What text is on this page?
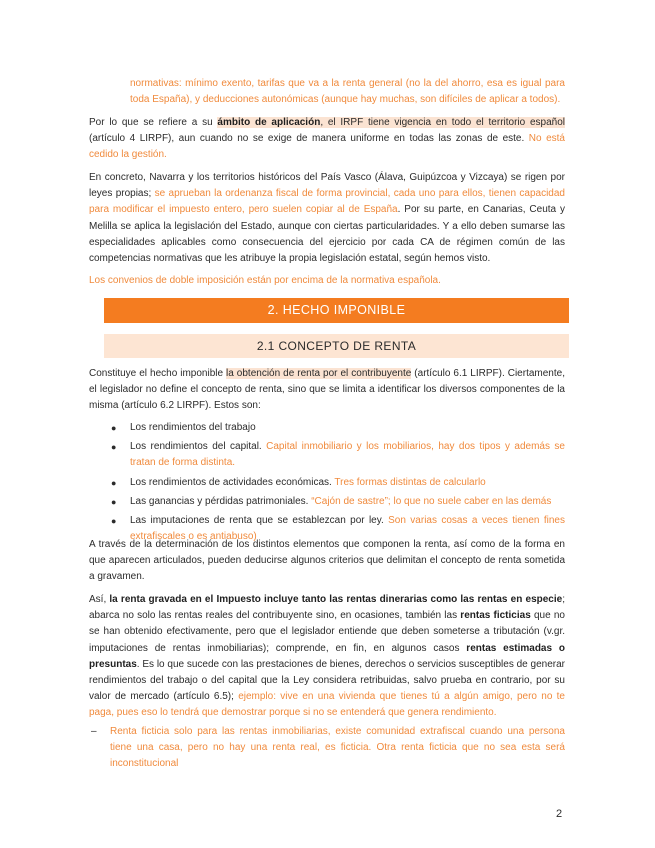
normativas: mínimo exento, tarifas que va a la renta general (no la del ahorro, esa es igual para toda España), y deducciones autonómicas (aunque hay muchas, son difíciles de aplicar a todos).

Por lo que se refiere a su ámbito de aplicación, el IRPF tiene vigencia en todo el territorio español (artículo 4 LIRPF), aun cuando no se exige de manera uniforme en todas las zonas de este. No está cedido la gestión.

En concreto, Navarra y los territorios históricos del País Vasco (Álava, Guipúzcoa y Vizcaya) se rigen por leyes propias; se aprueban la ordenanza fiscal de forma provincial, cada uno para ellos, tienen capacidad para modificar el impuesto entero, pero suelen copiar al de España. Por su parte, en Canarias, Ceuta y Melilla se aplica la legislación del Estado, aunque con ciertas particularidades. Y a ello deben sumarse las especialidades aplicables como consecuencia del ejercicio por cada CA de régimen común de las competencias normativas que les atribuye la propia legislación estatal, según hemos visto.

Los convenios de doble imposición están por encima de la normativa española.

2. HECHO IMPONIBLE
2.1 CONCEPTO DE RENTA

Constituye el hecho imponible la obtención de renta por el contribuyente (artículo 6.1 LIRPF). Ciertamente, el legislador no define el concepto de renta, sino que se limita a identificar los diversos componentes de la misma (artículo 6.2 LIRPF). Estos son:

● Los rendimientos del trabajo
● Los rendimientos del capital. Capital inmobiliario y los mobiliarios, hay dos tipos y además se tratan de forma distinta.
● Los rendimientos de actividades económicas. Tres formas distintas de calcularlo
● Las ganancias y pérdidas patrimoniales. “Cajón de sastre”; lo que no suele caber en las demás
● Las imputaciones de renta que se establezcan por ley. Son varias cosas a veces tienen fines extrafiscales o es antiabuso)

A través de la determinación de los distintos elementos que componen la renta, así como de la forma en que aparecen articulados, pueden deducirse algunos criterios que delimitan el concepto de renta sometida a gravamen.

Así, la renta gravada en el Impuesto incluye tanto las rentas dinerarias como las rentas en especie; abarca no solo las rentas reales del contribuyente sino, en ocasiones, también las rentas ficticias que no se han obtenido efectivamente, pero que el legislador entiende que deben someterse a tributación (v.gr. imputaciones de rentas inmobiliarias); comprende, en fin, en algunos casos rentas estimadas o presuntas. Es lo que sucede con las prestaciones de bienes, derechos o servicios susceptibles de generar rendimientos del trabajo o del capital que la Ley considera retribuidas, salvo prueba en contrario, por su valor de mercado (artículo 6.5); ejemplo: vive en una vivienda que tienes tú a algún amigo, pero no te paga, pues eso lo tendrá que demostrar porque si no se entenderá que genera rendimiento.

– Renta ficticia solo para las rentas inmobiliarias, existe comunidad extrafiscal cuando una persona tiene una casa, pero no hay una renta real, es ficticia. Otra renta ficticia que no sea esta será inconstitucional
2
